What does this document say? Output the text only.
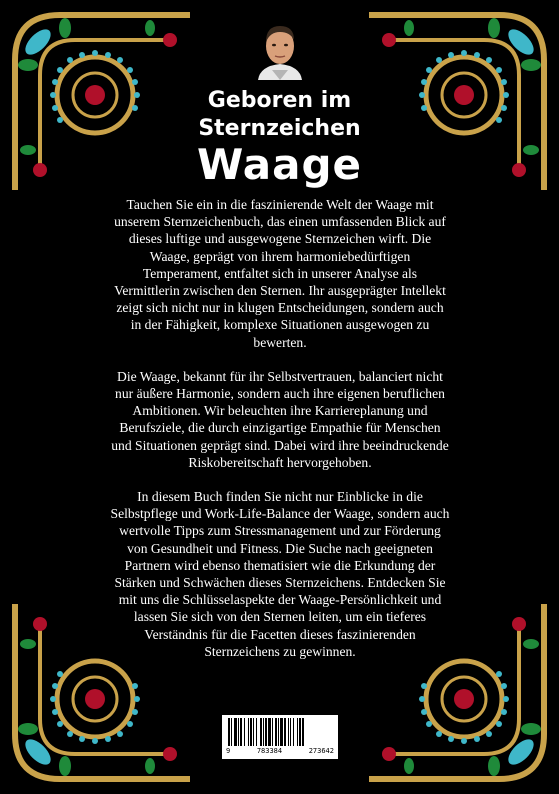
Geboren im
Sternzeichen
Waage

Tauchen Sie ein in die faszinierende Welt der Waage mit unserem Sternzeichenbuch, das einen umfassenden Blick auf dieses luftige und ausgewogene Sternzeichen wirft. Die Waage, geprägt von ihrem harmoniebedürftigen Temperament, entfaltet sich in unserer Analyse als Vermittlerin zwischen den Sternen. Ihr ausgeprägter Intellekt zeigt sich nicht nur in klugen Entscheidungen, sondern auch in der Fähigkeit, komplexe Situationen ausgewogen zu bewerten.

Die Waage, bekannt für ihr Selbstvertrauen, balanciert nicht nur äußere Harmonie, sondern auch ihre eigenen beruflichen Ambitionen. Wir beleuchten ihre Karriereplanung und Berufsziele, die durch einzigartige Empathie für Menschen und Situationen geprägt sind. Dabei wird ihre beeindruckende Riskobereitschaft hervorgehoben.

In diesem Buch finden Sie nicht nur Einblicke in die Selbstpflege und Work-Life-Balance der Waage, sondern auch wertvolle Tipps zum Stressmanagement und zur Förderung von Gesundheit und Fitness. Die Suche nach geeigneten Partnern wird ebenso thematisiert wie die Erkundung der Stärken und Schwächen dieses Sternzeichens. Entdecken Sie mit uns die Schlüsselaspekte der Waage-Persönlichkeit und lassen Sie sich von den Sternen leiten, um ein tieferes Verständnis für die Facetten dieses faszinierenden Sternzeichens zu gewinnen.

9	783384	273642
